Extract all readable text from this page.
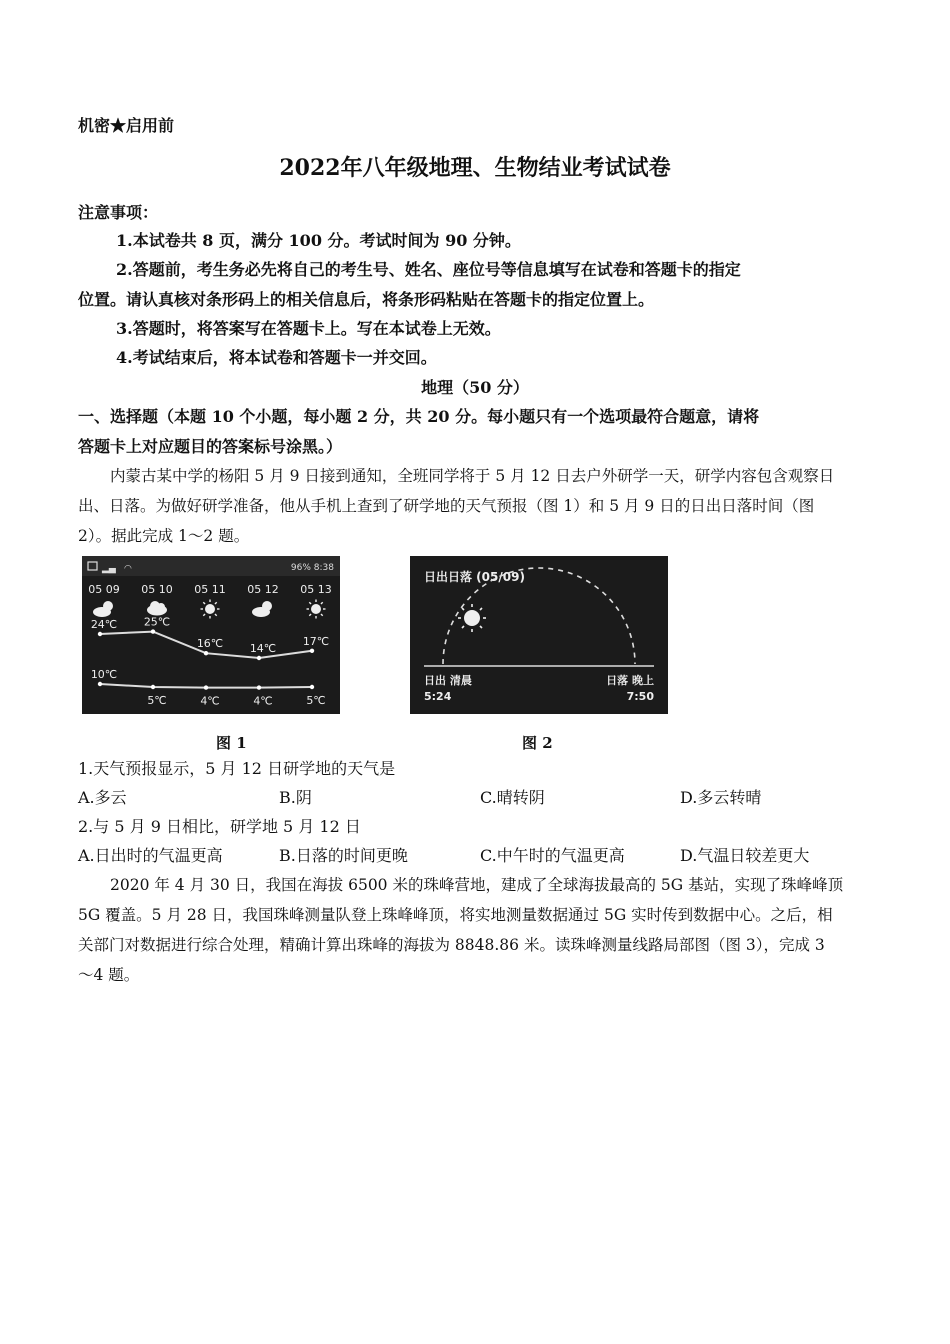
机密★启用前
2022年八年级地理、生物结业考试试卷
注意事项：
1.本试卷共 8 页，满分 100 分。考试时间为 90 分钟。
2.答题前，考生务必先将自己的考生号、姓名、座位号等信息填写在试卷和答题卡的指定
位置。请认真核对条形码上的相关信息后，将条形码粘贴在答题卡的指定位置上。
3.答题时，将答案写在答题卡上。写在本试卷上无效。
4.考试结束后，将本试卷和答题卡一并交回。
地理（50 分）
一、选择题（本题 10 个小题，每小题 2 分，共 20 分。每小题只有一个选项最符合题意，请将
答题卡上对应题目的答案标号涂黑。）
内蒙古某中学的杨阳 5 月 9 日接到通知，全班同学将于 5 月 12 日去户外研学一天，研学内容包含观察日
出、日落。为做好研学准备，他从手机上查到了研学地的天气预报（图 1）和 5 月 9 日的日出日落时间（图
2）。据此完成 1～2 题。
▂▄ ◠	96% 8:38
05 09 05 10 05 11 05 12 05 13
24℃
10℃
25℃
5℃
16℃
4℃
14℃
4℃
17℃
5℃
图 1
日出日落 (05/09)
日出 清晨
5:24
日落 晚上
7:50
图 2
1.天气预报显示，5 月 12 日研学地的天气是
A.多云	B.阴	C.晴转阴	D.多云转晴
2.与 5 月 9 日相比，研学地 5 月 12 日
A.日出时的气温更高	B.日落的时间更晚	C.中午时的气温更高	D.气温日较差更大
2020 年 4 月 30 日，我国在海拔 6500 米的珠峰营地，建成了全球海拔最高的 5G 基站，实现了珠峰峰顶
5G 覆盖。5 月 28 日，我国珠峰测量队登上珠峰峰顶，将实地测量数据通过 5G 实时传到数据中心。之后，相
关部门对数据进行综合处理，精确计算出珠峰的海拔为 8848.86 米。读珠峰测量线路局部图（图 3），完成 3
～4 题。
